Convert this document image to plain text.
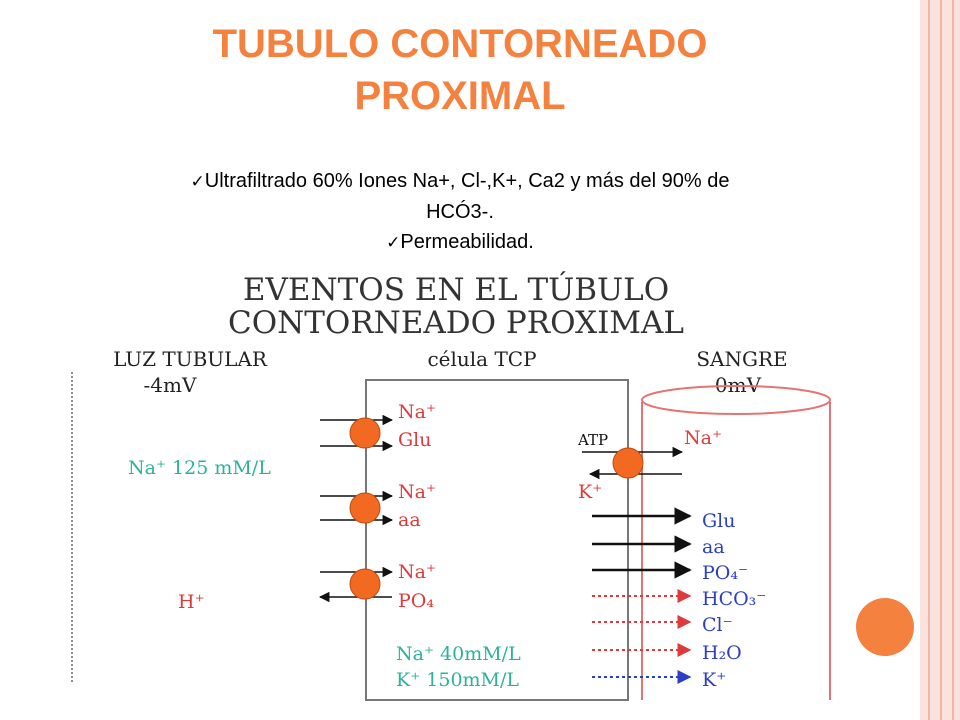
TUBULO CONTORNEADO
PROXIMAL
✓Ultrafiltrado 60% Iones Na+, Cl-,K+, Ca2 y más del 90% de
HCÓ3-.
✓Permeabilidad.
EVENTOS EN EL TÚBULO
CONTORNEADO PROXIMAL
LUZ TUBULAR
-4mV
célula TCP	SANGRE
0mV
Na⁺ 125 mM/L
H⁺
Na⁺
Glu
Na⁺
aa
Na⁺
PO₄
Na⁺ 40mM/L
K⁺ 150mM/L
ATP	Na⁺
K⁺
Glu
aa
PO₄⁻
HCO₃⁻
Cl⁻
H₂O
K⁺
